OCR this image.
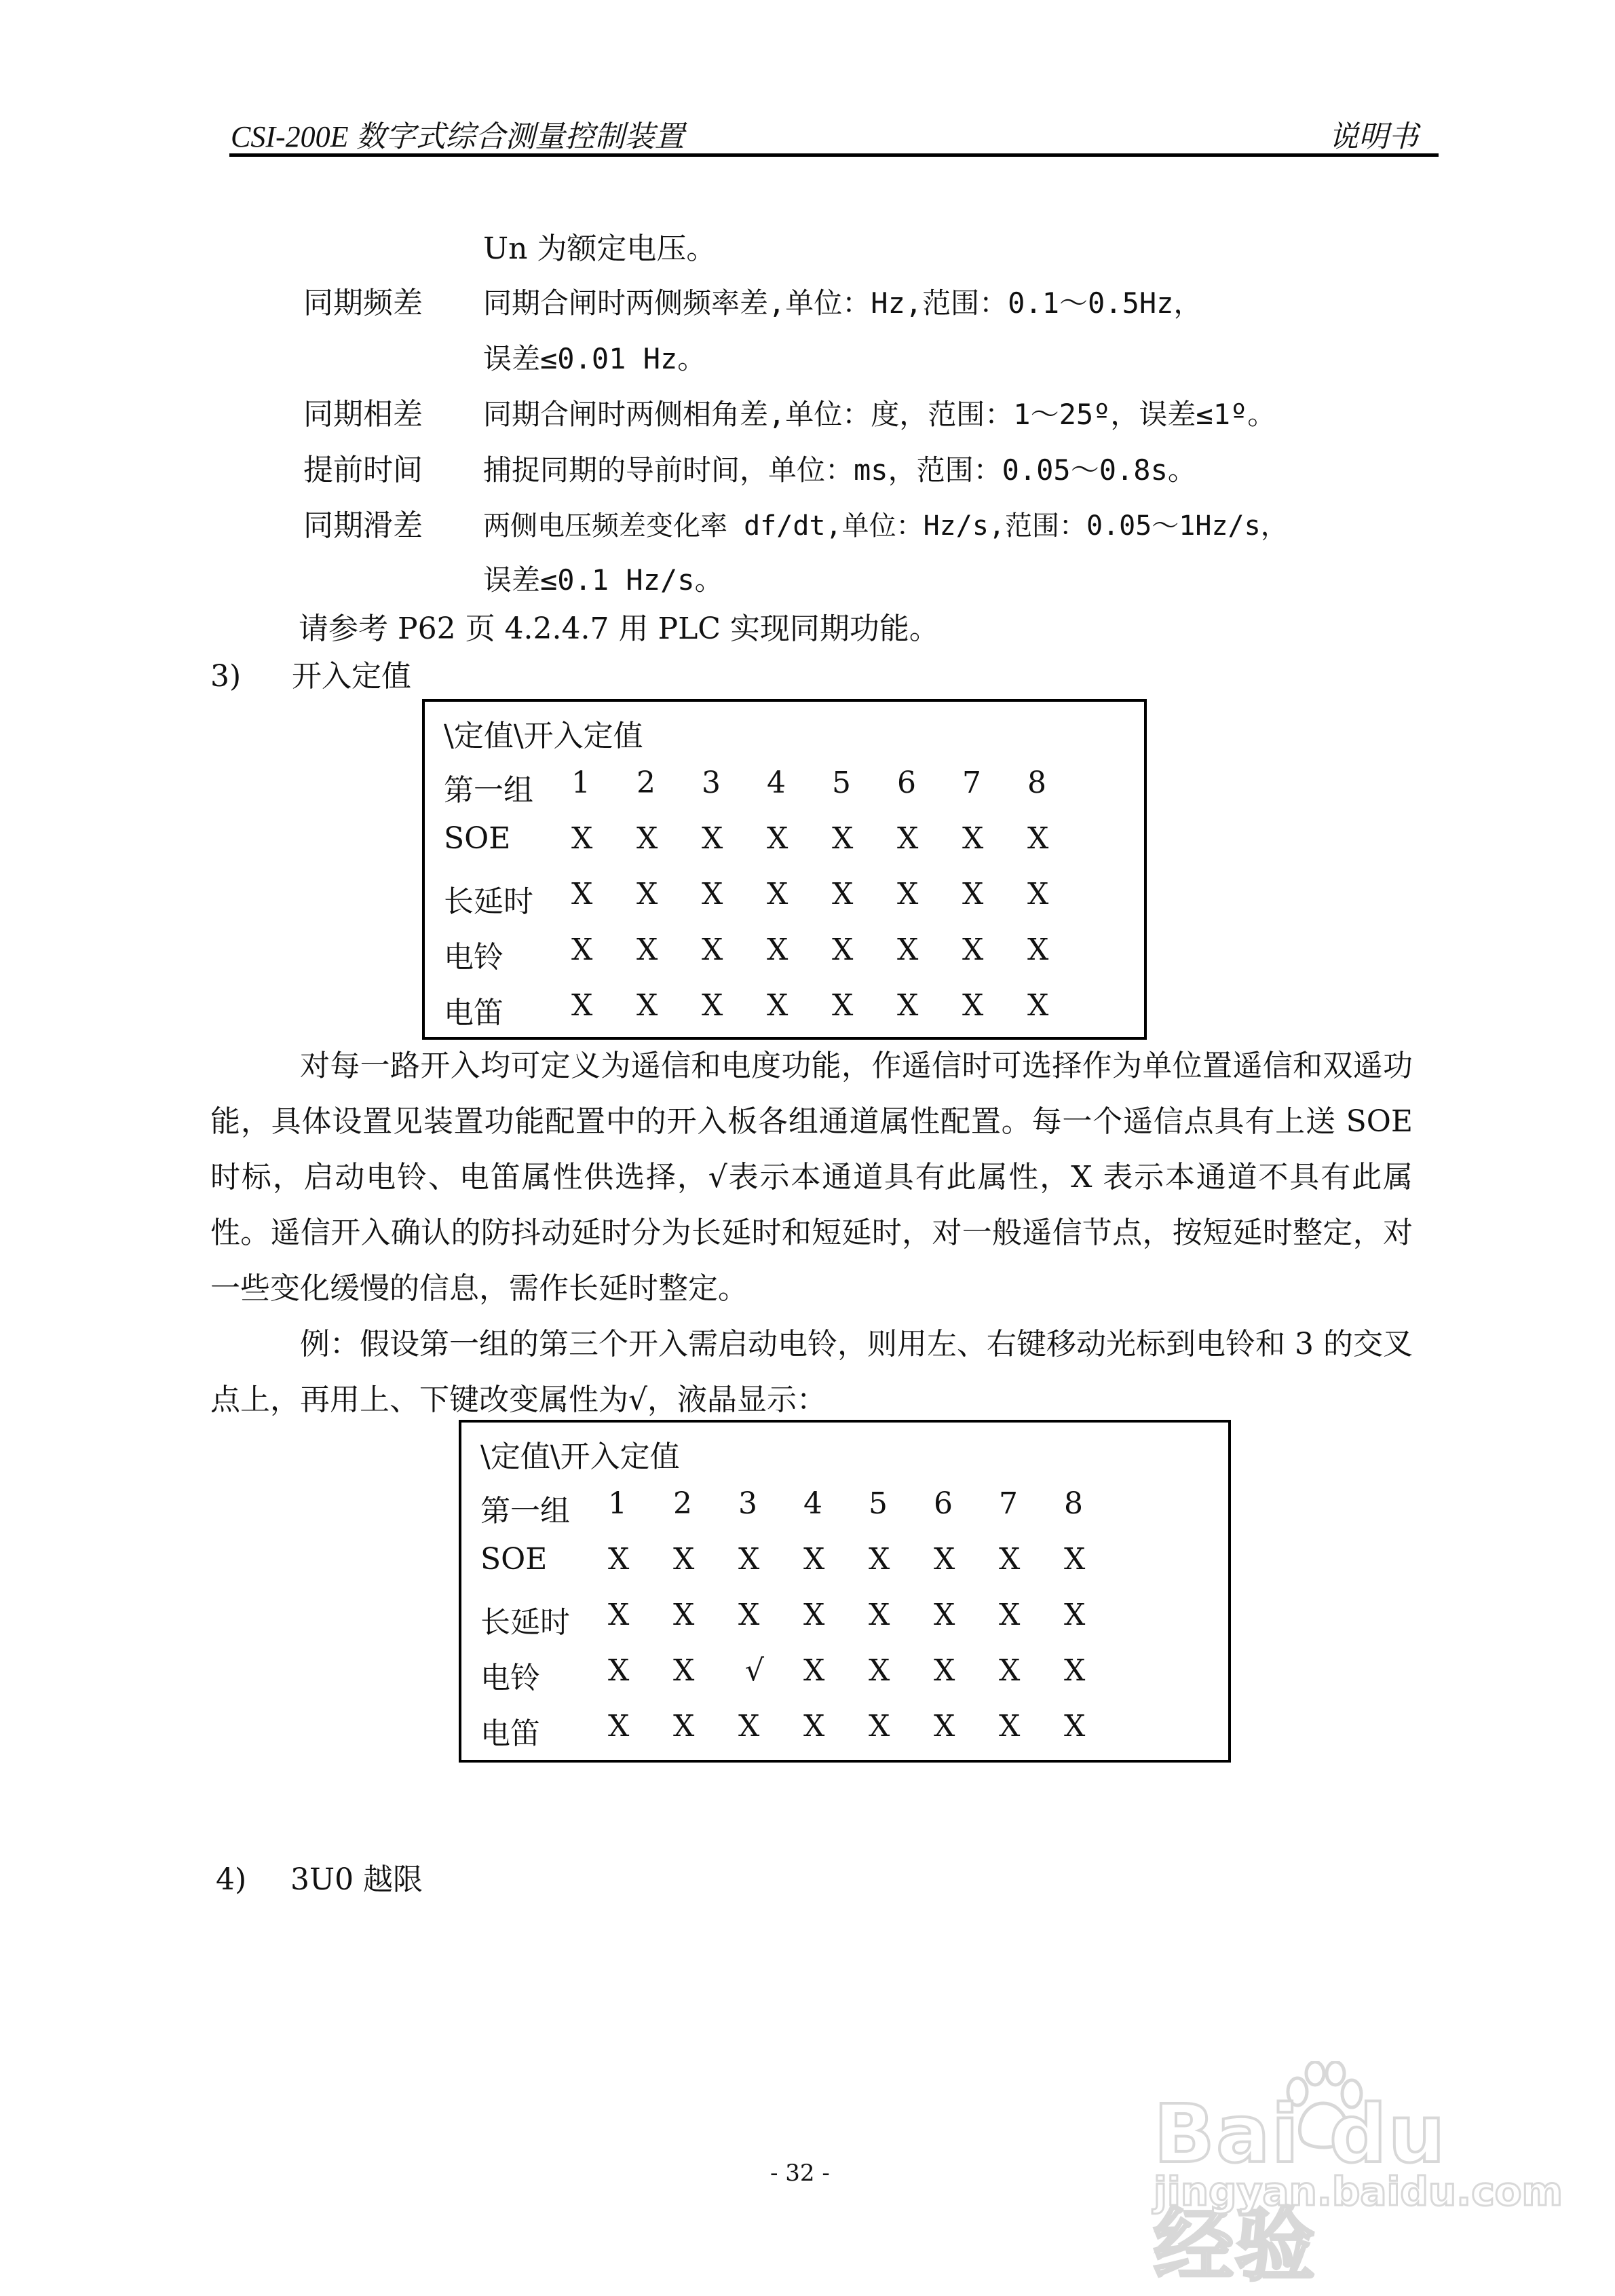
CSI-200E 数字式综合测量控制装置	说明书
Un 为额定电压。
同期频差 同期合闸时两侧频率差,单位：Hz,范围：0.1～0.5Hz，
误差≤0.01 Hz。
同期相差 同期合闸时两侧相角差,单位：度，范围：1～25º，误差≤1º。
提前时间 捕捉同期的导前时间，单位：ms，范围：0.05～0.8s。
同期滑差 两侧电压频差变化率 df/dt,单位：Hz/s,范围：0.05～1Hz/s，
误差≤0.1 Hz/s。
请参考 P62 页 4.2.4.7 用 PLC 实现同期功能。
3) 开入定值
\定值\开入定值
第一组 1 2 3 4 5 6 7 8
SOE X X X X X X X X
长延时 X X X X X X X X
电铃 X X X X X X X X
电笛 X X X X X X X X
对每一路开入均可定义为遥信和电度功能，作遥信时可选择作为单位置遥信和双遥功能，具体设置见装置功能配置中的开入板各组通道属性配置。每一个遥信点具有上送 SOE 时标，启动电铃、电笛属性供选择，√表示本通道具有此属性，X 表示本通道不具有此属性。遥信开入确认的防抖动延时分为长延时和短延时，对一般遥信节点，按短延时整定，对一些变化缓慢的信息，需作长延时整定。
例：假设第一组的第三个开入需启动电铃，则用左、右键移动光标到电铃和 3 的交叉点上，再用上、下键改变属性为√，液晶显示：
\定值\开入定值
第一组 1 2 3 4 5 6 7 8
SOE X X X X X X X X
长延时 X X X X X X X X
电铃 X X √ X X X X X
电笛 X X X X X X X X
4) 3U0 越限
- 32 -	Bai du 经验
jingyan.baidu.com
